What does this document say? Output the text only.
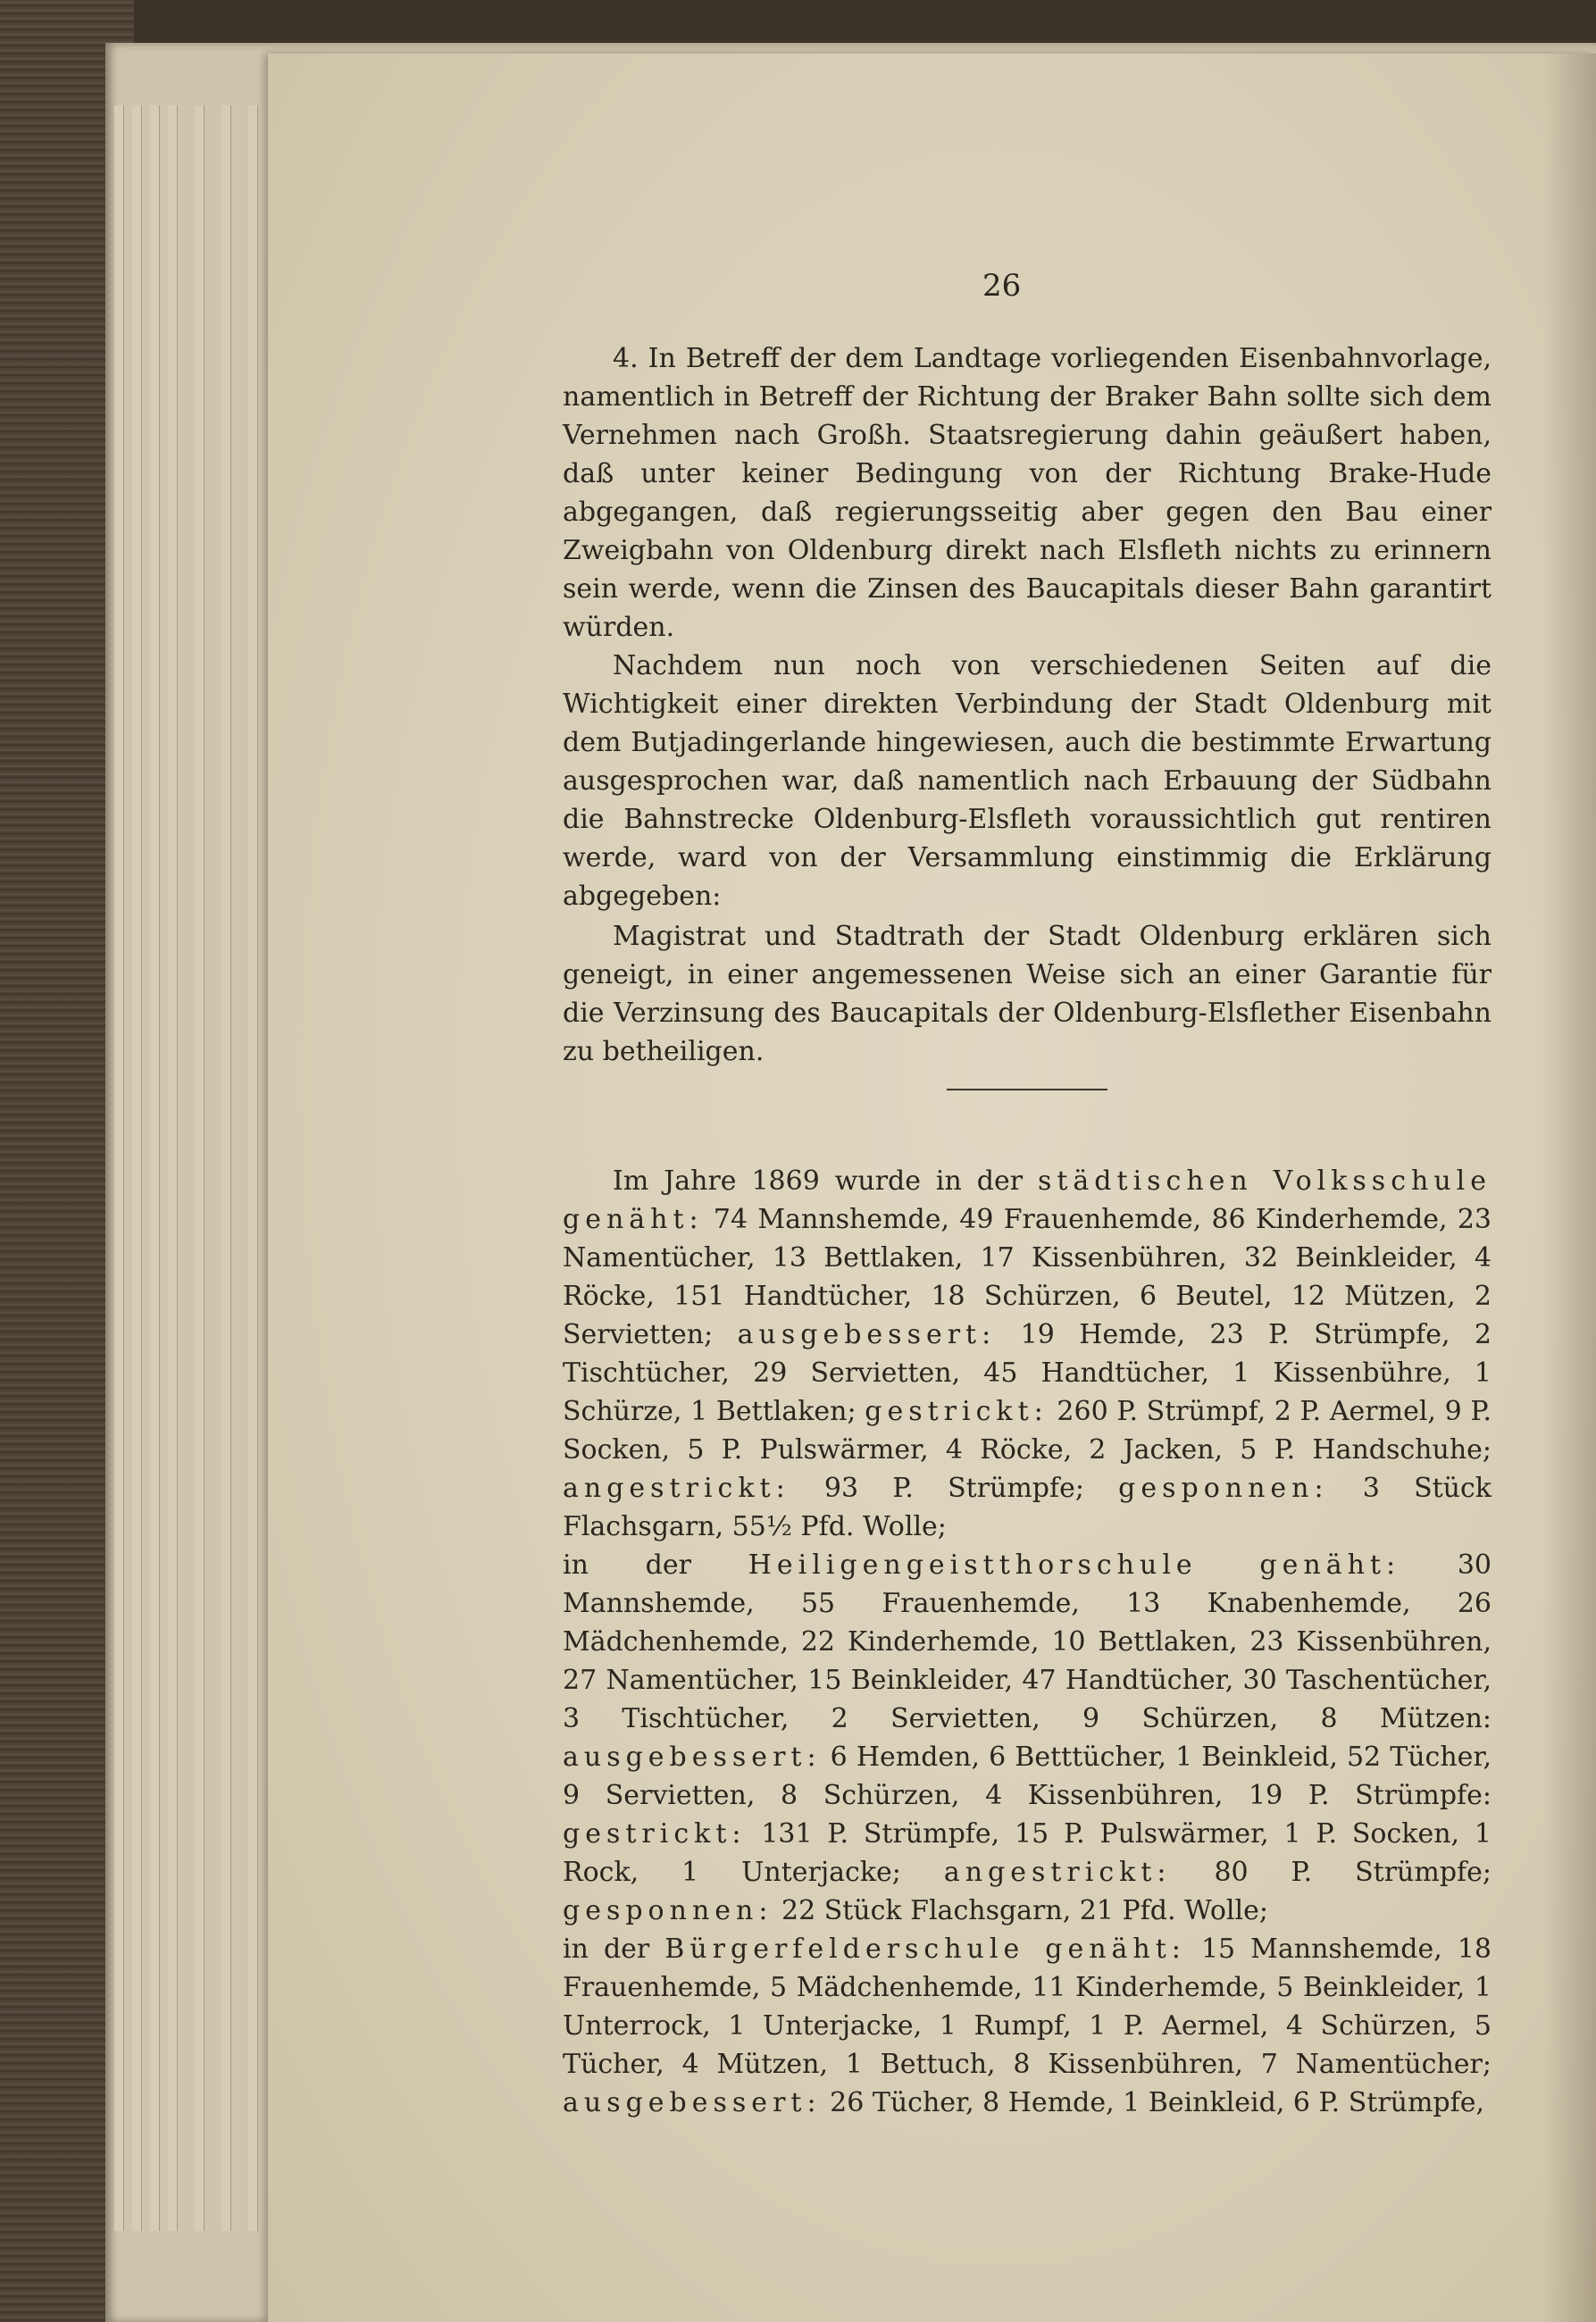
26

4. In Betreff der dem Landtage vorliegenden Eisenbahnvorlage, namentlich in Betreff der Richtung der Braker Bahn sollte sich dem Vernehmen nach Großh. Staatsregierung dahin geäußert haben, daß unter keiner Bedingung von der Richtung Brake-Hude abgegangen, daß regierungsseitig aber gegen den Bau einer Zweigbahn von Oldenburg direkt nach Elsfleth nichts zu erinnern sein werde, wenn die Zinsen des Baucapitals dieser Bahn garantirt würden.

Nachdem nun noch von verschiedenen Seiten auf die Wichtigkeit einer direkten Verbindung der Stadt Oldenburg mit dem Butjadingerlande hingewiesen, auch die bestimmte Erwartung ausgesprochen war, daß namentlich nach Erbauung der Südbahn die Bahnstrecke Oldenburg-Elsfleth voraussichtlich gut rentiren werde, ward von der Versammlung einstimmig die Erklärung abgegeben:

Magistrat und Stadtrath der Stadt Oldenburg erklären sich geneigt, in einer angemessenen Weise sich an einer Garantie für die Verzinsung des Baucapitals der Oldenburg-Elsflether Eisenbahn zu betheiligen.

Im Jahre 1869 wurde in der städtischen Volksschule genäht: 74 Mannshemde, 49 Frauenhemde, 86 Kinderhemde, 23 Namentücher, 13 Bettlaken, 17 Kissenbühren, 32 Beinkleider, 4 Röcke, 151 Handtücher, 18 Schürzen, 6 Beutel, 12 Mützen, 2 Servietten; ausgebessert: 19 Hemde, 23 P. Strümpfe, 2 Tischtücher, 29 Servietten, 45 Handtücher, 1 Kissenbühre, 1 Schürze, 1 Bettlaken; gestrickt: 260 P. Strümpf, 2 P. Aermel, 9 P. Socken, 5 P. Pulswärmer, 4 Röcke, 2 Jacken, 5 P. Handschuhe; angestrickt: 93 P. Strümpfe; gesponnen: 3 Stück Flachsgarn, 55½ Pfd. Wolle;

in der Heiligengeistthorschule genäht: 30 Mannshemde, 55 Frauenhemde, 13 Knabenhemde, 26 Mädchenhemde, 22 Kinderhemde, 10 Bettlaken, 23 Kissenbühren, 27 Namentücher, 15 Beinkleider, 47 Handtücher, 30 Taschentücher, 3 Tischtücher, 2 Servietten, 9 Schürzen, 8 Mützen: ausgebessert: 6 Hemden, 6 Betttücher, 1 Beinkleid, 52 Tücher, 9 Servietten, 8 Schürzen, 4 Kissenbühren, 19 P. Strümpfe: gestrickt: 131 P. Strümpfe, 15 P. Pulswärmer, 1 P. Socken, 1 Rock, 1 Unterjacke; angestrickt: 80 P. Strümpfe; gesponnen: 22 Stück Flachsgarn, 21 Pfd. Wolle;

in der Bürgerfelderschule genäht: 15 Mannshemde, 18 Frauenhemde, 5 Mädchenhemde, 11 Kinderhemde, 5 Beinkleider, 1 Unterrock, 1 Unterjacke, 1 Rumpf, 1 P. Aermel, 4 Schürzen, 5 Tücher, 4 Mützen, 1 Bettuch, 8 Kissenbühren, 7 Namentücher; ausgebessert: 26 Tücher, 8 Hemde, 1 Beinkleid, 6 P. Strümpfe,
